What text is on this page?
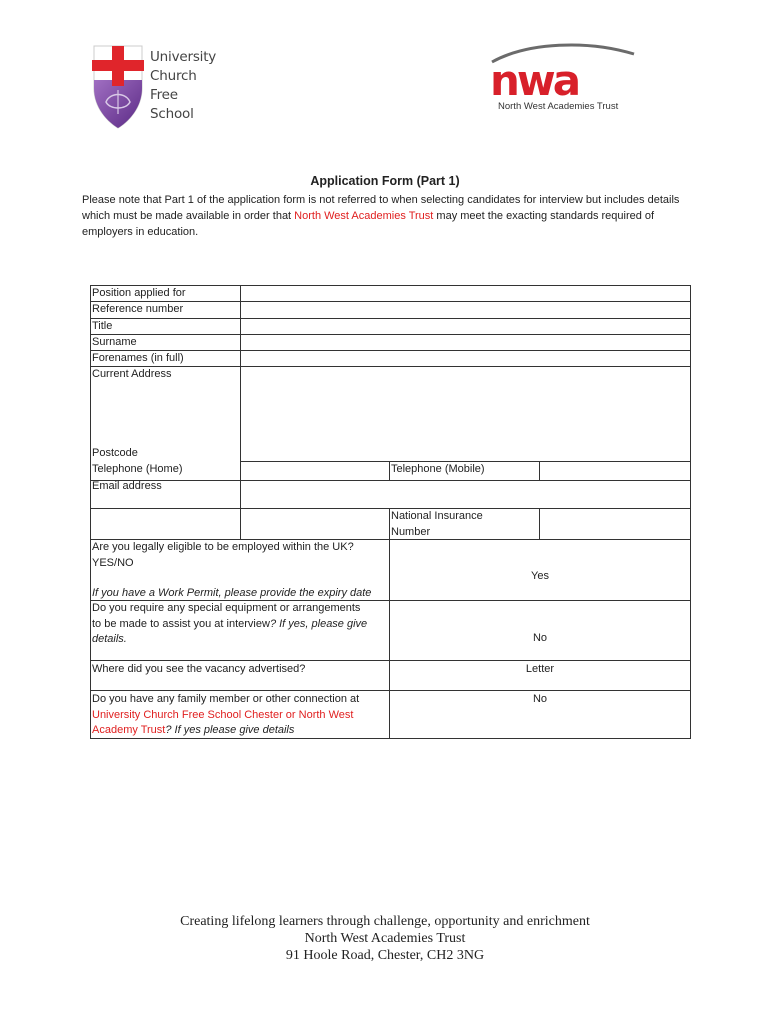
University
Church
Free
School
nwa
North West Academies Trust
Application Form (Part 1)
Please note that Part 1 of the application form is not referred to when selecting candidates for interview but includes details which must be made available in order that North West Academies Trust may meet the exacting standards required of employers in education.
Position applied for
Reference number
Title
Surname
Forenames (in full)
Current Address
Postcode
Telephone (Home)	Telephone (Mobile)
Email address
National Insurance
Number
Are you legally eligible to be employed within the UK?
YES/NO
If you have a Work Permit, please provide the expiry date
Yes
Do you require any special equipment or arrangements
to be made to assist you at interview? If yes, please give
details.	No
Where did you see the vacancy advertised?	Letter
Do you have any family member or other connection at
University Church Free School Chester or North West
Academy Trust? If yes please give details
No
Creating lifelong learners through challenge, opportunity and enrichment
North West Academies Trust
91 Hoole Road, Chester, CH2 3NG
